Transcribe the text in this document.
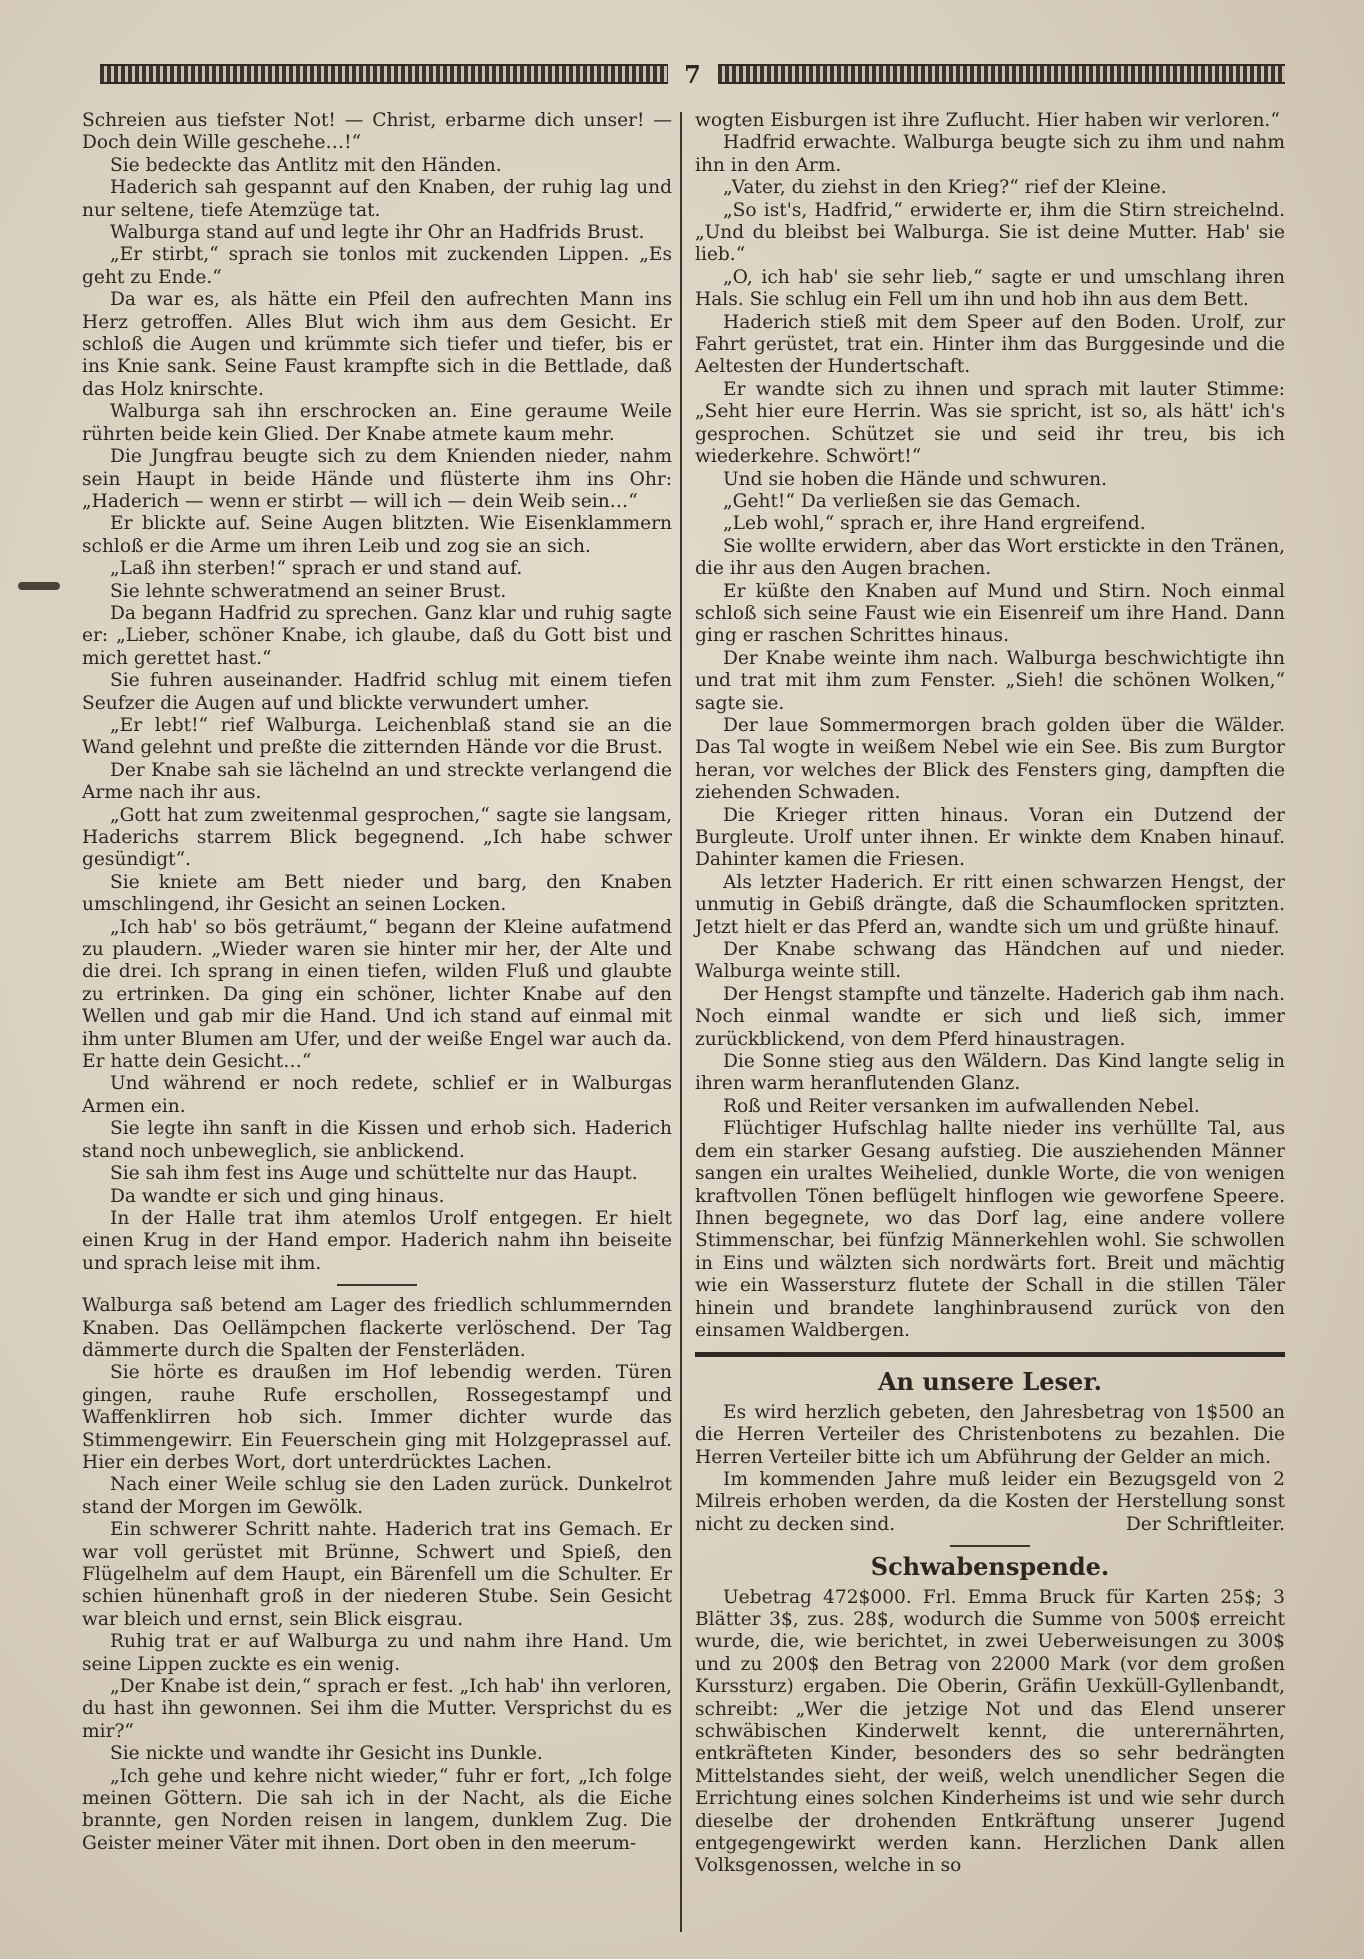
7

Schreien aus tiefster Not! — Christ, erbarme dich unser! — Doch dein Wille geschehe…!“

Sie bedeckte das Antlitz mit den Händen.

Haderich sah gespannt auf den Knaben, der ruhig lag und nur seltene, tiefe Atemzüge tat.

Walburga stand auf und legte ihr Ohr an Hadfrids Brust.

„Er stirbt,“ sprach sie tonlos mit zuckenden Lippen. „Es geht zu Ende.“

Da war es, als hätte ein Pfeil den aufrechten Mann ins Herz getroffen. Alles Blut wich ihm aus dem Gesicht. Er schloß die Augen und krümmte sich tiefer und tiefer, bis er ins Knie sank. Seine Faust krampfte sich in die Bettlade, daß das Holz knirschte.

Walburga sah ihn erschrocken an. Eine geraume Weile rührten beide kein Glied. Der Knabe atmete kaum mehr.

Die Jungfrau beugte sich zu dem Knienden nieder, nahm sein Haupt in beide Hände und flüsterte ihm ins Ohr: „Haderich — wenn er stirbt — will ich — dein Weib sein…“

Er blickte auf. Seine Augen blitzten. Wie Eisenklammern schloß er die Arme um ihren Leib und zog sie an sich.

„Laß ihn sterben!“ sprach er und stand auf.

Sie lehnte schweratmend an seiner Brust.

Da begann Hadfrid zu sprechen. Ganz klar und ruhig sagte er: „Lieber, schöner Knabe, ich glaube, daß du Gott bist und mich gerettet hast.“

Sie fuhren auseinander. Hadfrid schlug mit einem tiefen Seufzer die Augen auf und blickte verwundert umher.

„Er lebt!“ rief Walburga. Leichenblaß stand sie an die Wand gelehnt und preßte die zitternden Hände vor die Brust.

Der Knabe sah sie lächelnd an und streckte verlangend die Arme nach ihr aus.

„Gott hat zum zweitenmal gesprochen,“ sagte sie langsam, Haderichs starrem Blick begegnend. „Ich habe schwer gesündigt“.

Sie kniete am Bett nieder und barg, den Knaben umschlingend, ihr Gesicht an seinen Locken.

„Ich hab' so bös geträumt,“ begann der Kleine aufatmend zu plaudern. „Wieder waren sie hinter mir her, der Alte und die drei. Ich sprang in einen tiefen, wilden Fluß und glaubte zu ertrinken. Da ging ein schöner, lichter Knabe auf den Wellen und gab mir die Hand. Und ich stand auf einmal mit ihm unter Blumen am Ufer, und der weiße Engel war auch da. Er hatte dein Gesicht…“

Und während er noch redete, schlief er in Walburgas Armen ein.

Sie legte ihn sanft in die Kissen und erhob sich. Haderich stand noch unbeweglich, sie anblickend.

Sie sah ihm fest ins Auge und schüttelte nur das Haupt.

Da wandte er sich und ging hinaus.

In der Halle trat ihm atemlos Urolf entgegen. Er hielt einen Krug in der Hand empor. Haderich nahm ihn beiseite und sprach leise mit ihm.

Walburga saß betend am Lager des friedlich schlummernden Knaben. Das Oellämpchen flackerte verlöschend. Der Tag dämmerte durch die Spalten der Fensterläden.

Sie hörte es draußen im Hof lebendig werden. Türen gingen, rauhe Rufe erschollen, Rossegestampf und Waffenklirren hob sich. Immer dichter wurde das Stimmengewirr. Ein Feuerschein ging mit Holzgeprassel auf. Hier ein derbes Wort, dort unterdrücktes Lachen.

Nach einer Weile schlug sie den Laden zurück. Dunkelrot stand der Morgen im Gewölk.

Ein schwerer Schritt nahte. Haderich trat ins Gemach. Er war voll gerüstet mit Brünne, Schwert und Spieß, den Flügelhelm auf dem Haupt, ein Bärenfell um die Schulter. Er schien hünenhaft groß in der niederen Stube. Sein Gesicht war bleich und ernst, sein Blick eisgrau.

Ruhig trat er auf Walburga zu und nahm ihre Hand. Um seine Lippen zuckte es ein wenig.

„Der Knabe ist dein,“ sprach er fest. „Ich hab' ihn verloren, du hast ihn gewonnen. Sei ihm die Mutter. Versprichst du es mir?“

Sie nickte und wandte ihr Gesicht ins Dunkle.

„Ich gehe und kehre nicht wieder,“ fuhr er fort, „Ich folge meinen Göttern. Die sah ich in der Nacht, als die Eiche brannte, gen Norden reisen in langem, dunklem Zug. Die Geister meiner Väter mit ihnen. Dort oben in den meerum-

wogten Eisburgen ist ihre Zuflucht. Hier haben wir verloren.“

Hadfrid erwachte. Walburga beugte sich zu ihm und nahm ihn in den Arm.

„Vater, du ziehst in den Krieg?“ rief der Kleine.

„So ist's, Hadfrid,“ erwiderte er, ihm die Stirn streichelnd. „Und du bleibst bei Walburga. Sie ist deine Mutter. Hab' sie lieb.“

„O, ich hab' sie sehr lieb,“ sagte er und umschlang ihren Hals. Sie schlug ein Fell um ihn und hob ihn aus dem Bett.

Haderich stieß mit dem Speer auf den Boden. Urolf, zur Fahrt gerüstet, trat ein. Hinter ihm das Burggesinde und die Aeltesten der Hundertschaft.

Er wandte sich zu ihnen und sprach mit lauter Stimme: „Seht hier eure Herrin. Was sie spricht, ist so, als hätt' ich's gesprochen. Schützet sie und seid ihr treu, bis ich wiederkehre. Schwört!“

Und sie hoben die Hände und schwuren.

„Geht!“ Da verließen sie das Gemach.

„Leb wohl,“ sprach er, ihre Hand ergreifend.

Sie wollte erwidern, aber das Wort erstickte in den Tränen, die ihr aus den Augen brachen.

Er küßte den Knaben auf Mund und Stirn. Noch einmal schloß sich seine Faust wie ein Eisenreif um ihre Hand. Dann ging er raschen Schrittes hinaus.

Der Knabe weinte ihm nach. Walburga beschwichtigte ihn und trat mit ihm zum Fenster. „Sieh! die schönen Wolken,“ sagte sie.

Der laue Sommermorgen brach golden über die Wälder. Das Tal wogte in weißem Nebel wie ein See. Bis zum Burgtor heran, vor welches der Blick des Fensters ging, dampften die ziehenden Schwaden.

Die Krieger ritten hinaus. Voran ein Dutzend der Burgleute. Urolf unter ihnen. Er winkte dem Knaben hinauf. Dahinter kamen die Friesen.

Als letzter Haderich. Er ritt einen schwarzen Hengst, der unmutig in Gebiß drängte, daß die Schaumflocken spritzten. Jetzt hielt er das Pferd an, wandte sich um und grüßte hinauf.

Der Knabe schwang das Händchen auf und nieder. Walburga weinte still.

Der Hengst stampfte und tänzelte. Haderich gab ihm nach. Noch einmal wandte er sich und ließ sich, immer zurückblickend, von dem Pferd hinaustragen.

Die Sonne stieg aus den Wäldern. Das Kind langte selig in ihren warm heranflutenden Glanz.

Roß und Reiter versanken im aufwallenden Nebel.

Flüchtiger Hufschlag hallte nieder ins verhüllte Tal, aus dem ein starker Gesang aufstieg. Die ausziehenden Männer sangen ein uraltes Weihelied, dunkle Worte, die von wenigen kraftvollen Tönen beflügelt hinflogen wie geworfene Speere. Ihnen begegnete, wo das Dorf lag, eine andere vollere Stimmenschar, bei fünfzig Männerkehlen wohl. Sie schwollen in Eins und wälzten sich nordwärts fort. Breit und mächtig wie ein Wassersturz flutete der Schall in die stillen Täler hinein und brandete langhinbrausend zurück von den einsamen Waldbergen.

An unsere Leser.

Es wird herzlich gebeten, den Jahresbetrag von 1$500 an die Herren Verteiler des Christenbotens zu bezahlen. Die Herren Verteiler bitte ich um Abführung der Gelder an mich.

Im kommenden Jahre muß leider ein Bezugsgeld von 2 Milreis erhoben werden, da die Kosten der Herstellung sonst nicht zu decken sind.	Der Schriftleiter.

Schwabenspende.

Uebetrag 472$000. Frl. Emma Bruck für Karten 25$; 3 Blätter 3$, zus. 28$, wodurch die Summe von 500$ erreicht wurde, die, wie berichtet, in zwei Ueberweisungen zu 300$ und zu 200$ den Betrag von 22000 Mark (vor dem großen Kurssturz) ergaben. Die Oberin, Gräfin Uexküll-Gyllenbandt, schreibt: „Wer die jetzige Not und das Elend unserer schwäbischen Kinderwelt kennt, die unterernährten, entkräfteten Kinder, besonders des so sehr bedrängten Mittelstandes sieht, der weiß, welch unendlicher Segen die Errichtung eines solchen Kinderheims ist und wie sehr durch dieselbe der drohenden Entkräftung unserer Jugend entgegengewirkt werden kann. Herzlichen Dank allen Volksgenossen, welche in so
